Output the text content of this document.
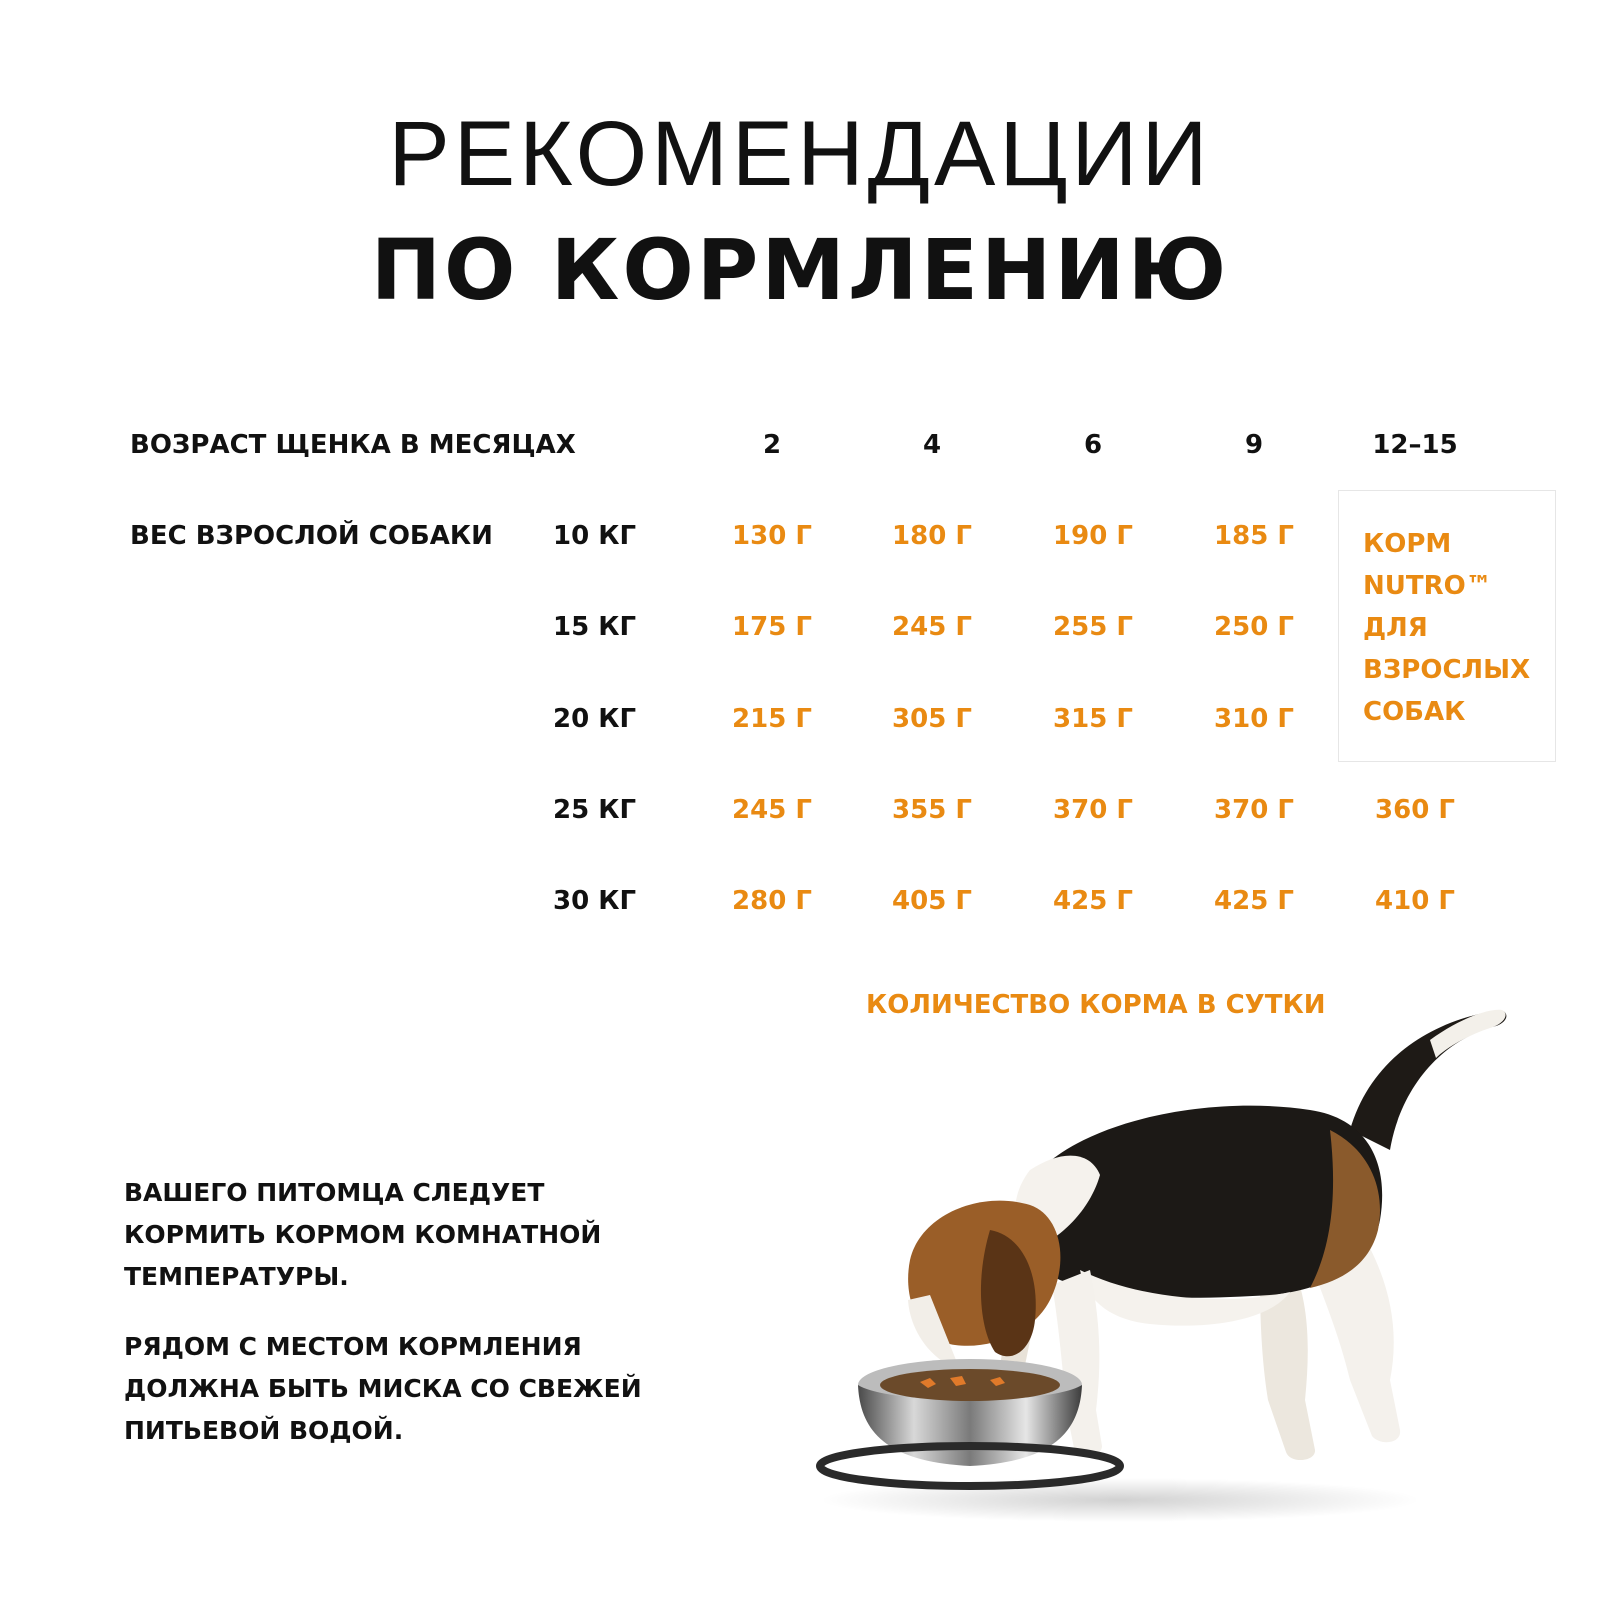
РЕКОМЕНДАЦИИ
ПО КОРМЛЕНИЮ
ВОЗРАСТ ЩЕНКА В МЕСЯЦАХ	2	4	6	9	12–15
ВЕС ВЗРОСЛОЙ СОБАКИ 10 КГ	130 Г	180 Г	190 Г	185 Г
15 КГ	175 Г	245 Г	255 Г	250 Г
20 КГ	215 Г	305 Г	315 Г	310 Г
25 КГ	245 Г	355 Г	370 Г	370 Г	360 Г
30 КГ	280 Г	405 Г	425 Г	425 Г	410 Г
КОРМ
NUTRO™
ДЛЯ
ВЗРОСЛЫХ
СОБАК
КОЛИЧЕСТВО КОРМА В СУТКИ
ВАШЕГО ПИТОМЦА СЛЕДУЕТ
КОРМИТЬ КОРМОМ КОМНАТНОЙ
ТЕМПЕРАТУРЫ.
РЯДОМ С МЕСТОМ КОРМЛЕНИЯ
ДОЛЖНА БЫТЬ МИСКА СО СВЕЖЕЙ
ПИТЬЕВОЙ ВОДОЙ.
